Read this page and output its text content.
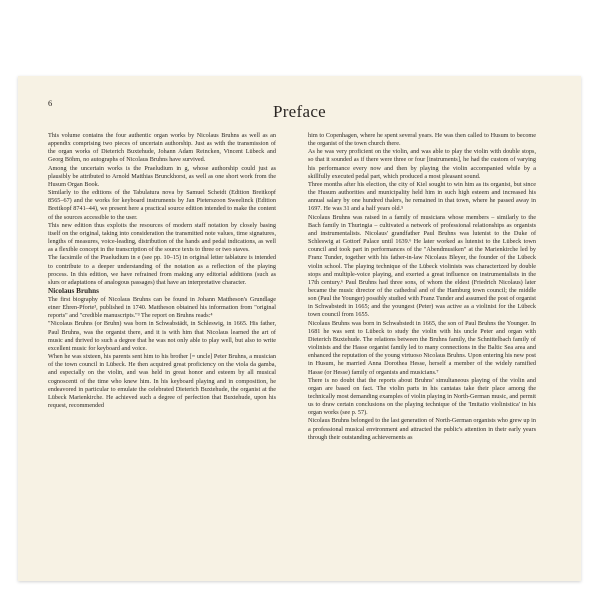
6	Preface

This volume contains the four authentic organ works by Nicolaus Bruhns as well as an appendix comprising two pieces of uncertain authorship. Just as with the transmission of the organ works of Dieterich Buxtehude, Johann Adam Reincken, Vincent Lübeck and Georg Böhm, no autographs of Nicolaus Bruhns have survived.

Among the uncertain works is the Praeludium in g, whose authorship could just as plausibly be attributed to Arnold Matthias Brunckhorst, as well as one short work from the Husum Organ Book.

Similarly to the editions of the Tabulatura nova by Samuel Scheidt (Edition Breitkopf 8565–67) and the works for keyboard instruments by Jan Pieterszoon Sweelinck (Edition Breitkopf 8741–44), we present here a practical source edition intended to make the content of the sources accessible to the user.

This new edition thus exploits the resources of modern staff notation by closely basing itself on the original, taking into consideration the transmitted note values, time signatures, lengths of measures, voice-leading, distribution of the hands and pedal indications, as well as a flexible concept in the transcription of the source texts to three or two staves.

The facsimile of the Praeludium in e (see pp. 10–15) in original letter tablature is intended to contribute to a deeper understanding of the notation as a reflection of the playing process. In this edition, we have refrained from making any editorial additions (such as slurs or adaptations of analogous passages) that have an interpretative character.

Nicolaus Bruhns

The first biography of Nicolaus Bruhns can be found in Johann Mattheson's Grundlage einer Ehren-Pforte³, published in 1740. Mattheson obtained his information from "original reports" and "credible manuscripts."³ The report on Bruhns reads:⁴

"Nicolaus Bruhns (or Bruhn) was born in Schwabstädt, in Schleswig, in 1665. His father, Paul Bruhns, was the organist there, and it is with him that Nicolaus learned the art of music and thrived to such a degree that he was not only able to play well, but also to write excellent music for keyboard and voice.

When he was sixteen, his parents sent him to his brother [= uncle] Peter Bruhns, a musician of the town council in Lübeck. He then acquired great proficiency on the viola da gamba, and especially on the violin, and was held in great honor and esteem by all musical cognoscenti of the time who knew him. In his keyboard playing and in composition, he endeavored in particular to emulate the celebrated Dieterich Buxtehude, the organist at the Lübeck Marienkirche. He achieved such a degree of perfection that Buxtehude, upon his request, recommended

him to Copenhagen, where he spent several years. He was then called to Husum to become the organist of the town church there.

As he was very proficient on the violin, and was able to play the violin with double stops, so that it sounded as if there were three or four [instruments], he had the custom of varying his performance every now and then by playing the violin accompanied while by a skillfully executed pedal part, which produced a most pleasant sound.

Three months after his election, the city of Kiel sought to win him as its organist, but since the Husum authorities and municipality held him in such high esteem and increased his annual salary by one hundred thalers, he remained in that town, where he passed away in 1697. He was 31 and a half years old.⁵

Nicolaus Bruhns was raised in a family of musicians whose members – similarly to the Bach family in Thuringia – cultivated a network of professional relationships as organists and instrumentalists. Nicolaus' grandfather Paul Bruhns was lutenist to the Duke of Schleswig at Gottorf Palace until 1639.⁶ He later worked as lutenist to the Lübeck town council and took part in performances of the "Abendmusiken" at the Marienkirche led by Franz Tunder, together with his father-in-law Nicolaus Bleyer, the founder of the Lübeck violin school. The playing technique of the Lübeck violinists was characterized by double stops and multiple-voice playing, and exerted a great influence on instrumentalists in the 17th century.⁶ Paul Bruhns had three sons, of whom the eldest (Friedrich Nicolaus) later became the music director of the cathedral and of the Hamburg town council; the middle son (Paul the Younger) possibly studied with Franz Tunder and assumed the post of organist in Schwabstedt in 1665; and the youngest (Peter) was active as a violinist for the Lübeck town council from 1655.

Nicolaus Bruhns was born in Schwabstedt in 1665, the son of Paul Bruhns the Younger. In 1681 he was sent to Lübeck to study the violin with his uncle Peter and organ with Dieterich Buxtehude. The relations between the Bruhns family, the Schnittelbach family of violinists and the Hasse organist family led to many connections in the Baltic Sea area and enhanced the reputation of the young virtuoso Nicolaus Bruhns. Upon entering his new post in Husum, he married Anna Dorothea Hesse, herself a member of the widely ramified Hasse (or Hesse) family of organists and musicians.⁷

There is no doubt that the reports about Bruhns' simultaneous playing of the violin and organ are based on fact. The violin parts in his cantatas take their place among the technically most demanding examples of violin playing in North-German music, and permit us to draw certain conclusions on the playing technique of the 'Imitatio violinistica' in his organ works (see p. 57).

Nicolaus Bruhns belonged to the last generation of North-German organists who grew up in a professional musical environment and attracted the public's attention in their early years through their outstanding achievements as
